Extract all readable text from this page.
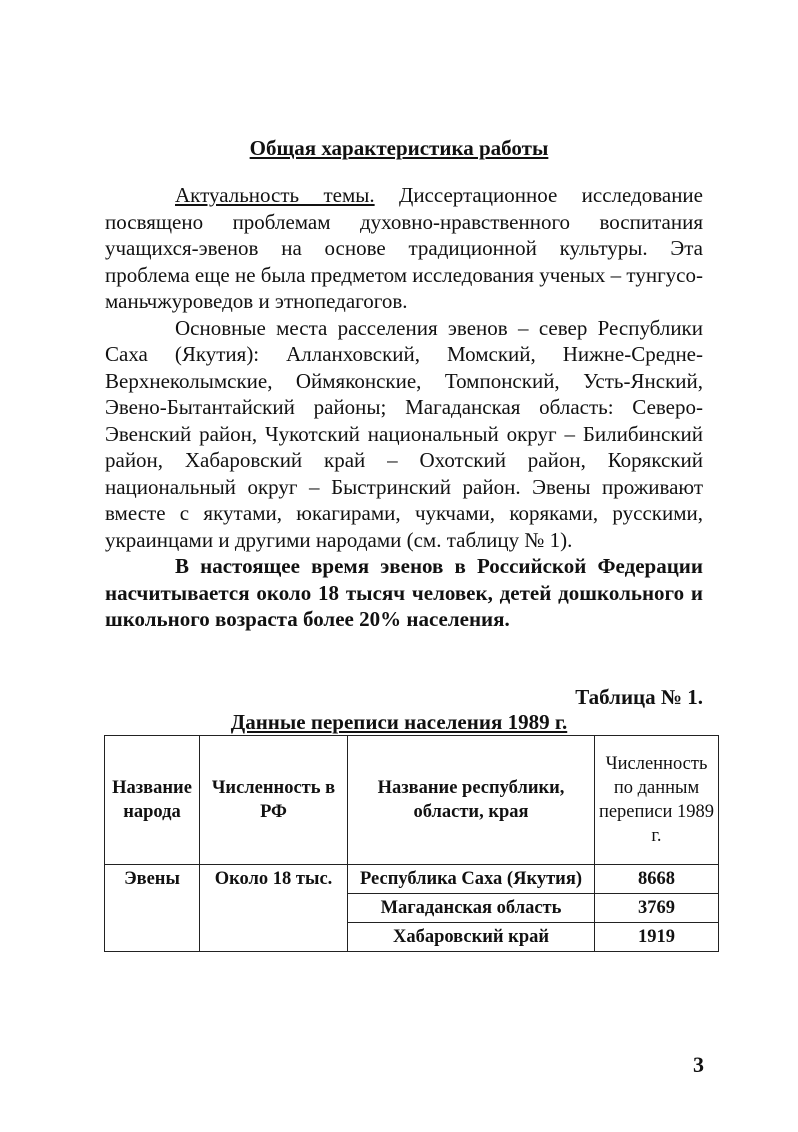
Общая характеристика работы

Актуальность темы. Диссертационное исследование посвящено проблемам духовно-нравственного воспитания учащихся-эвенов на основе традиционной культуры. Эта проблема еще не была предметом исследования ученых – тунгусо-маньчжуроведов и этнопедагогов.

Основные места расселения эвенов – север Республики Саха (Якутия): Алланховский, Момский, Нижне-Средне-Верхнеколымские, Оймяконские, Томпонский, Усть-Янский, Эвено-Бытантайский районы; Магаданская область: Северо-Эвенский район, Чукотский национальный округ – Билибинский район, Хабаровский край – Охотский район, Корякский национальный округ – Быстринский район. Эвены проживают вместе с якутами, юкагирами, чукчами, коряками, русскими, украинцами и другими народами (см. таблицу № 1).

В настоящее время эвенов в Российской Федерации насчитывается около 18 тысяч человек, детей дошкольного и школьного возраста более 20% населения.

Таблица № 1.
Данные переписи населения 1989 г.
Название народа	Численность в РФ	Название республики, области, края	Численность по данным переписи 1989 г.
Эвены	Около 18 тыс.	Республика Саха (Якутия)	8668
		Магаданская область	3769
		Хабаровский край	1919
3
